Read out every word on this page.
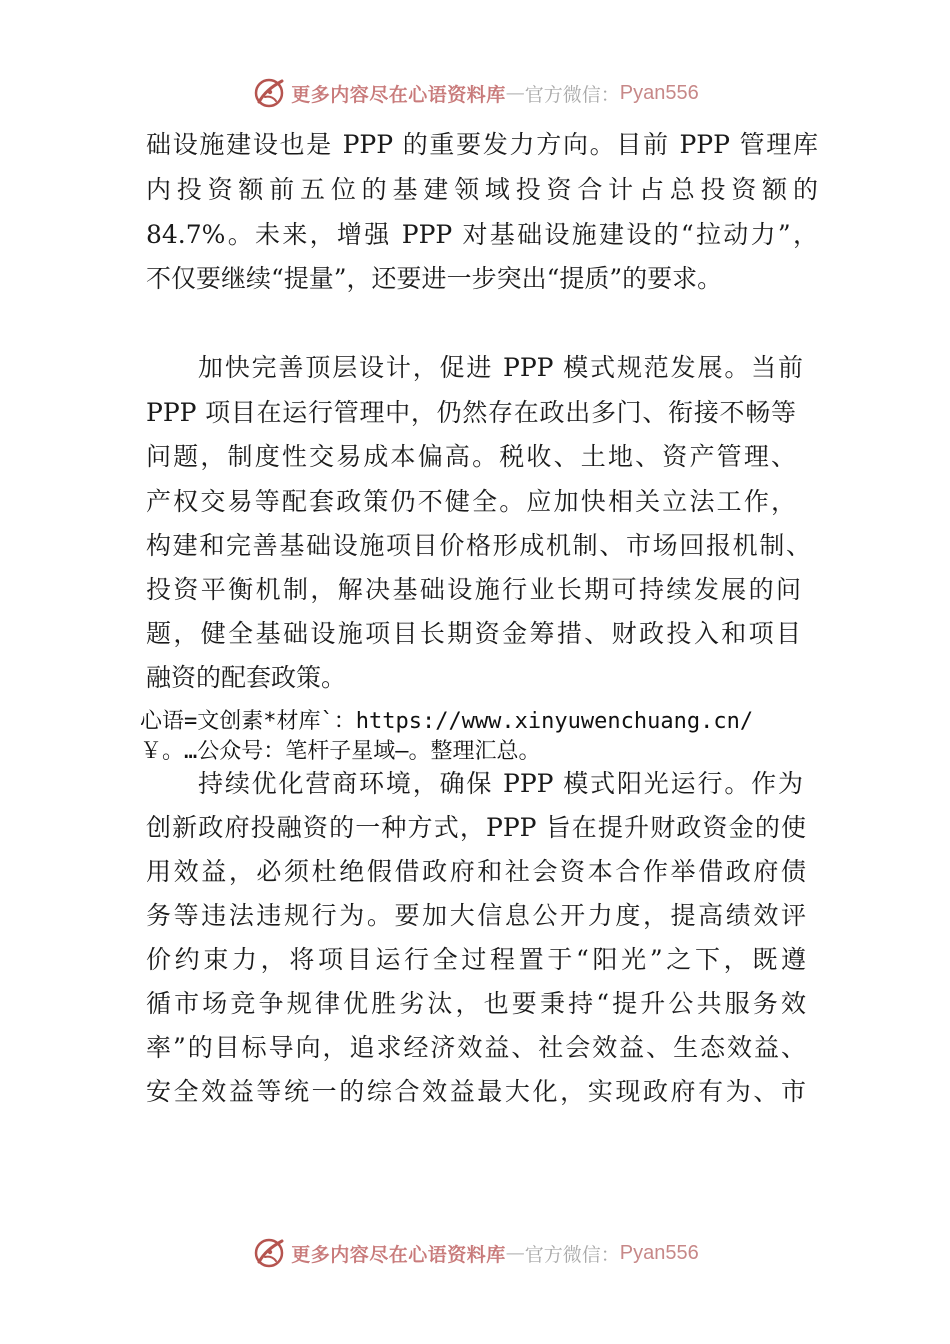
更多内容尽在心语资料库 — 官方微信： Pyan556
础设施建设也是 PPP 的重要发力方向。目前 PPP 管理库
内投资额前五位的基建领域投资合计占总投资额的
84.7%。未来，增强 PPP 对基础设施建设的“拉动力”，
不仅要继续“提量”，还要进一步突出“提质”的要求。
加快完善顶层设计，促进 PPP 模式规范发展。当前
PPP 项目在运行管理中，仍然存在政出多门、衔接不畅等
问题，制度性交易成本偏高。税收、土地、资产管理、
产权交易等配套政策仍不健全。应加快相关立法工作，
构建和完善基础设施项目价格形成机制、市场回报机制、
投资平衡机制，解决基础设施行业长期可持续发展的问
题，健全基础设施项目长期资金筹措、财政投入和项目
融资的配套政策。
心语=文创素*材库`：https://www.xinyuwenchuang.cn/
￥。…公众号：笔杆子星域—。整理汇总。
持续优化营商环境，确保 PPP 模式阳光运行。作为
创新政府投融资的一种方式，PPP 旨在提升财政资金的使
用效益，必须杜绝假借政府和社会资本合作举借政府债
务等违法违规行为。要加大信息公开力度，提高绩效评
价约束力，将项目运行全过程置于“阳光”之下，既遵
循市场竞争规律优胜劣汰，也要秉持“提升公共服务效
率”的目标导向，追求经济效益、社会效益、生态效益、
安全效益等统一的综合效益最大化，实现政府有为、市
更多内容尽在心语资料库 — 官方微信： Pyan556
